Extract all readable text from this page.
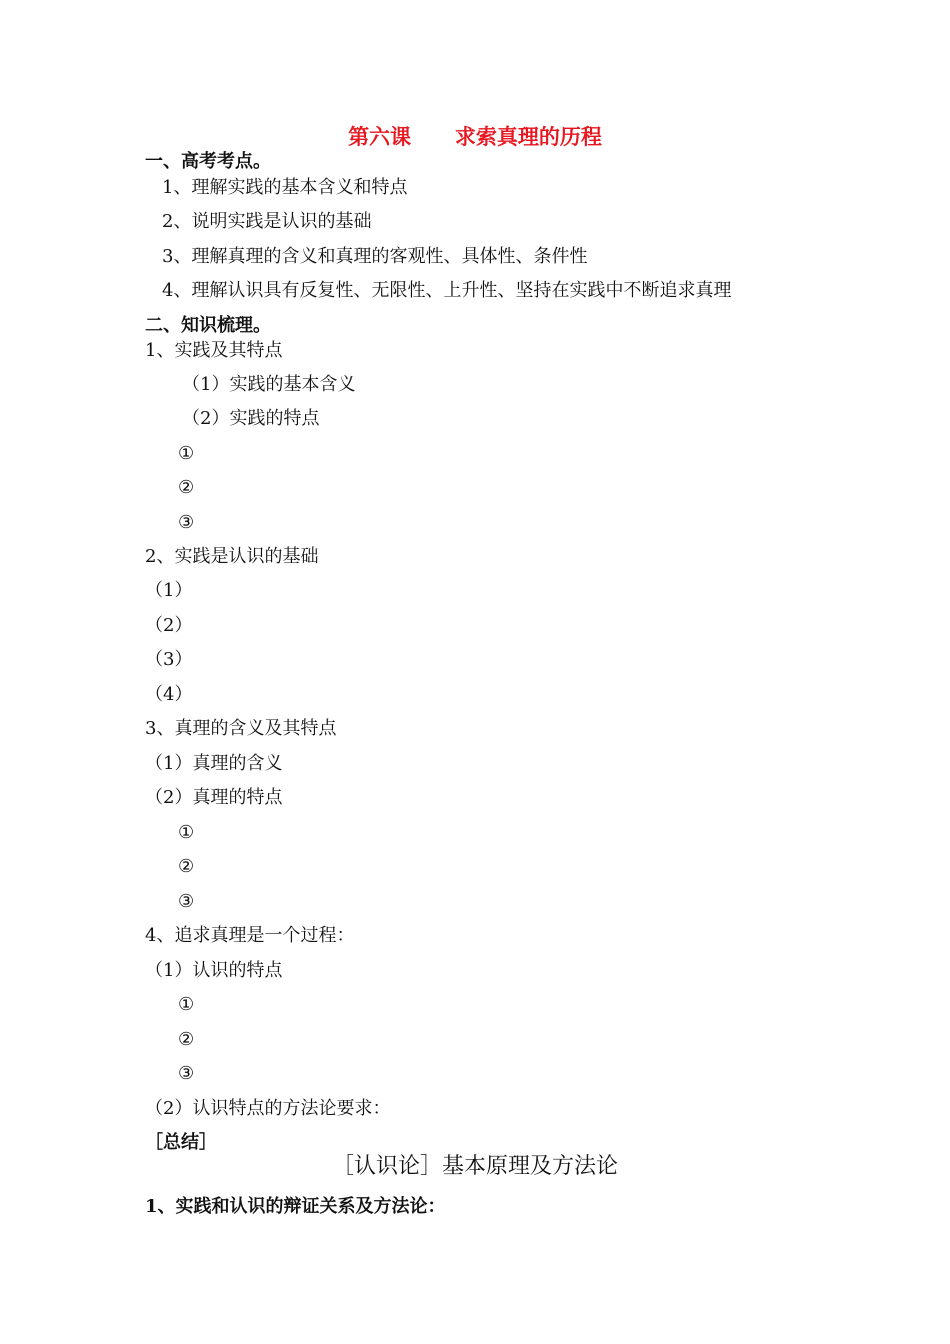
第六课      求索真理的历程
一、高考考点。
1、理解实践的基本含义和特点
2、说明实践是认识的基础
3、理解真理的含义和真理的客观性、具体性、条件性
4、理解认识具有反复性、无限性、上升性、坚持在实践中不断追求真理
二、知识梳理。
1、实践及其特点
（1）实践的基本含义
（2）实践的特点
①
②
③
2、实践是认识的基础
（1）
（2）
（3）
（4）
3、真理的含义及其特点
（1）真理的含义
（2）真理的特点
①
②
③
4、追求真理是一个过程：
（1）认识的特点
①
②
③
（2）认识特点的方法论要求：
［总结］
［认识论］基本原理及方法论
1、实践和认识的辩证关系及方法论：
